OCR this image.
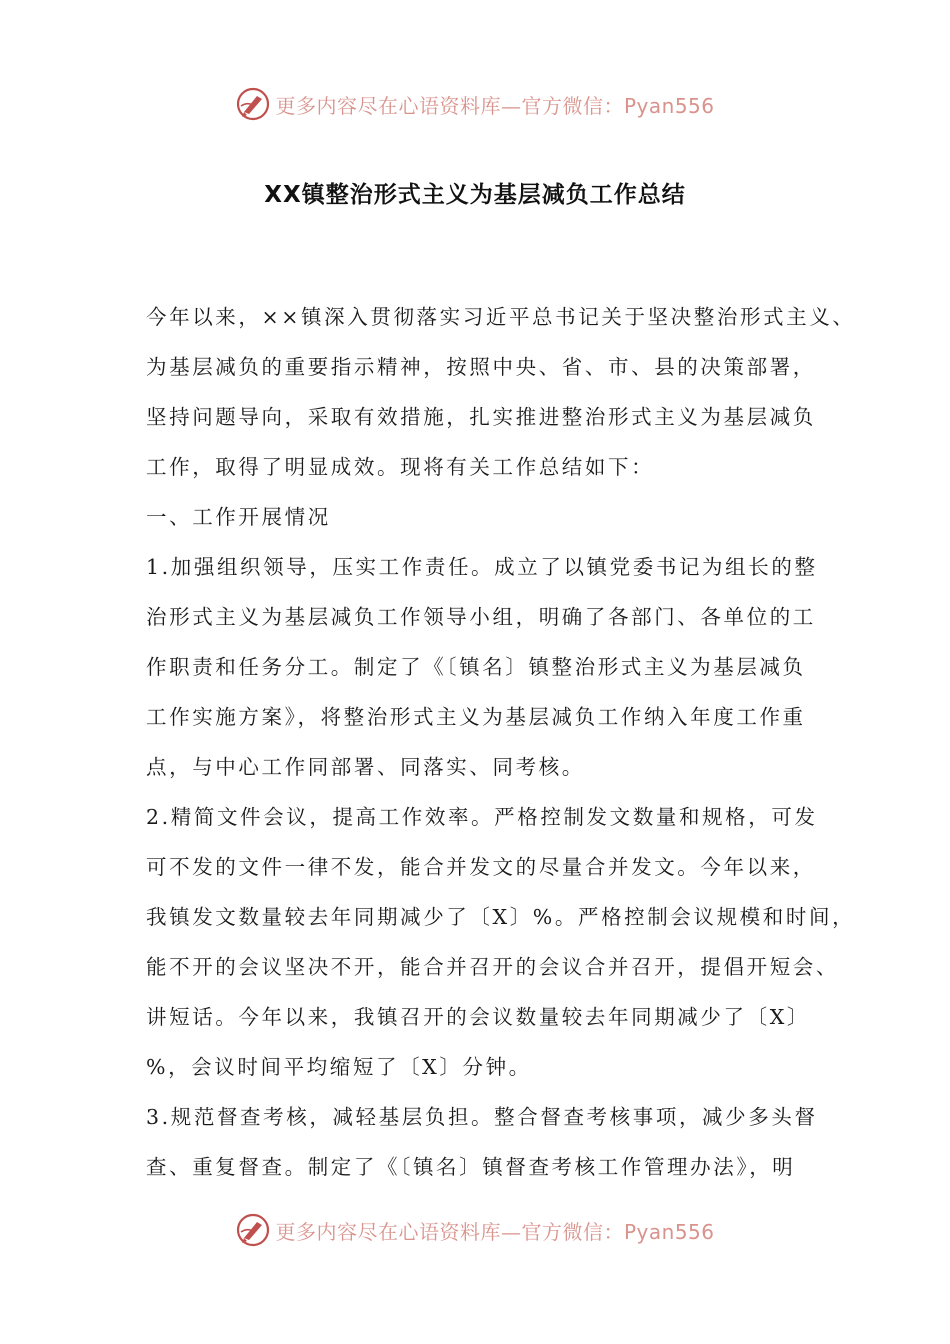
更多内容尽在心语资料库—官方微信：Pyan556
XX镇整治形式主义为基层减负工作总结
今年以来，××镇深入贯彻落实习近平总书记关于坚决整治形式主义、
为基层减负的重要指示精神，按照中央、省、市、县的决策部署，
坚持问题导向，采取有效措施，扎实推进整治形式主义为基层减负
工作，取得了明显成效。现将有关工作总结如下：
一、工作开展情况
1.加强组织领导，压实工作责任。成立了以镇党委书记为组长的整
治形式主义为基层减负工作领导小组，明确了各部门、各单位的工
作职责和任务分工。制定了《〔镇名〕镇整治形式主义为基层减负
工作实施方案》，将整治形式主义为基层减负工作纳入年度工作重
点，与中心工作同部署、同落实、同考核。
2.精简文件会议，提高工作效率。严格控制发文数量和规格，可发
可不发的文件一律不发，能合并发文的尽量合并发文。今年以来，
我镇发文数量较去年同期减少了〔X〕%。严格控制会议规模和时间，
能不开的会议坚决不开，能合并召开的会议合并召开，提倡开短会、
讲短话。今年以来，我镇召开的会议数量较去年同期减少了〔X〕
%，会议时间平均缩短了〔X〕分钟。
3.规范督查考核，减轻基层负担。整合督查考核事项，减少多头督
查、重复督查。制定了《〔镇名〕镇督查考核工作管理办法》，明
更多内容尽在心语资料库—官方微信：Pyan556
